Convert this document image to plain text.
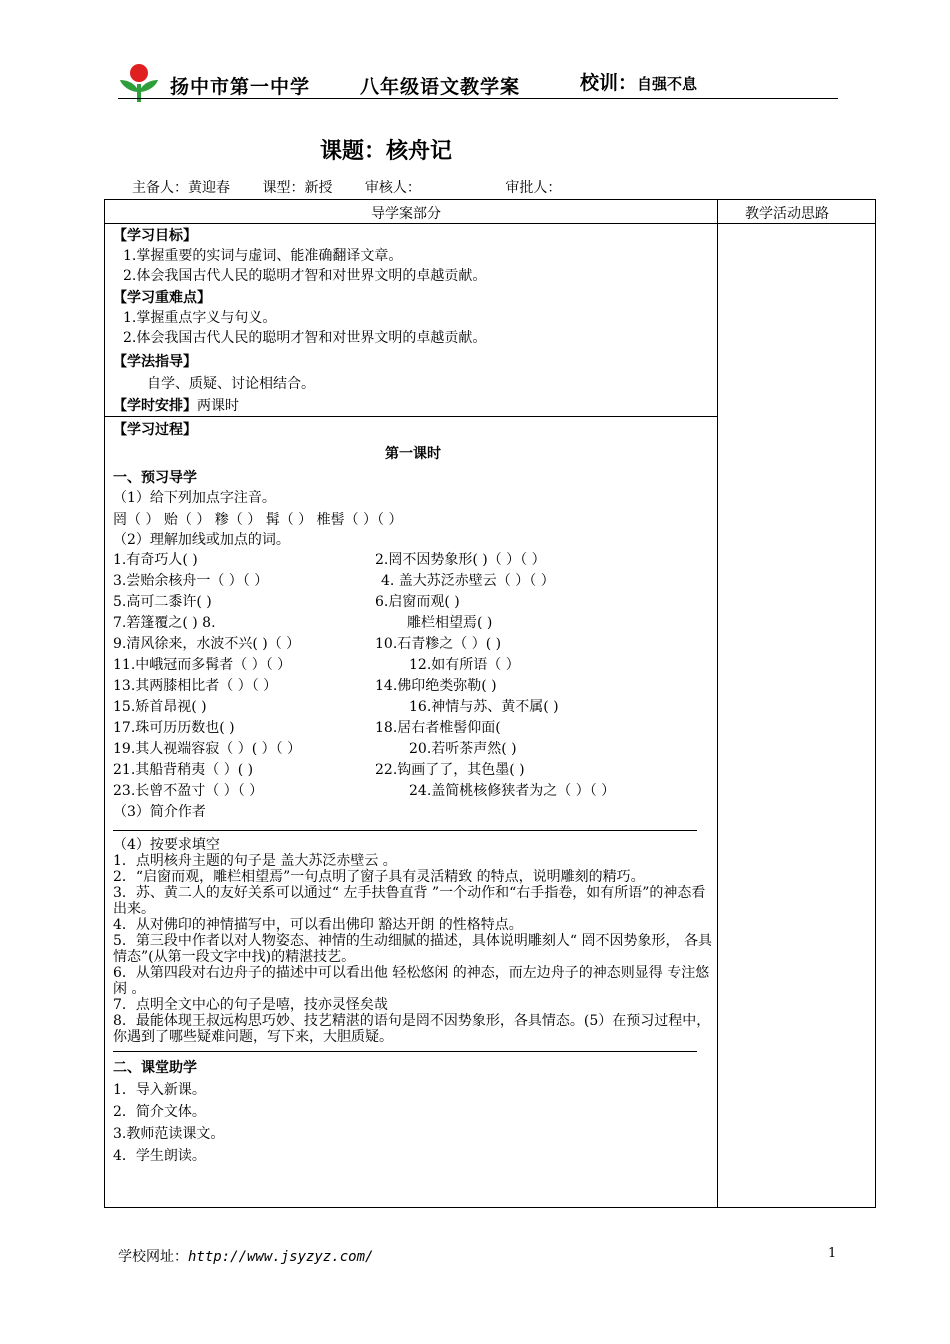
扬中市第一中学	八年级语文教学案	校训：自强不息
课题：核舟记
主备人：黄迎春 课型：新授 审核人：	审批人：
导学案部分	教学活动思路
【学习目标】
1.掌握重要的实词与虚词、能准确翻译文章。
2.体会我国古代人民的聪明才智和对世界文明的卓越贡献。
【学习重难点】
1.掌握重点字义与句义。
2.体会我国古代人民的聪明才智和对世界文明的卓越贡献。
【学法指导】
自学、质疑、讨论相结合。
【学时安排】两课时
【学习过程】
第一课时
一、预习导学
（1）给下列加点字注音。
罔（ ） 贻（ ） 糁（ ） 髯（ ） 椎髻（ ）（ ）
（2）理解加线或加点的词。
1.有奇巧人( )	2.罔不因势象形( )（ ）（ ）
3.尝贻余核舟一（ ）（ ）	4. 盖大苏泛赤壁云（ ）（ ）
5.高可二黍许( )	6.启窗而观( )
7.箬篷覆之( ) 8.	雕栏相望焉( )
9.清风徐来，水波不兴( )（ ）	10.石青糁之（ ）( )
11.中峨冠而多髯者（ ）（ ）	12.如有所语（ ）
13.其两膝相比者（ ）（ ）	14.佛印绝类弥勒( )
15.矫首昂视( )	16.神情与苏、黄不属( )
17.珠可历历数也( )	18.居右者椎髻仰面(
19.其人视端容寂（ ）( ）（ ）	20.若听茶声然( )
21.其船背稍夷（ ）( )	22.钩画了了，其色墨( )
23.长曾不盈寸（ ）（ ）	24.盖简桃核修狭者为之（ ）（ ）
（3）简介作者
（4）按要求填空
1．点明核舟主题的句子是 盖大苏泛赤壁云 。
2．“启窗而观，雕栏相望焉”一句点明了窗子具有灵活精致 的特点，说明雕刻的精巧。
3．苏、黄二人的友好关系可以通过“ 左手扶鲁直背 ”一个动作和“右手指卷，如有所语”的神态看出来。
4．从对佛印的神情描写中，可以看出佛印 豁达开朗 的性格特点。
5．第三段中作者以对人物姿态、神情的生动细腻的描述，具体说明雕刻人“ 罔不因势象形， 各具情态”(从第一段文字中找)的精湛技艺。
6．从第四段对右边舟子的描述中可以看出他 轻松悠闲 的神态，而左边舟子的神态则显得 专注悠闲 。
7．点明全文中心的句子是嘻，技亦灵怪矣哉
8．最能体现王叔远构思巧妙、技艺精湛的语句是罔不因势象形，各具情态。(5）在预习过程中，你遇到了哪些疑难问题，写下来，大胆质疑。
二、课堂助学
1．导入新课。
2．简介文体。
3.教师范读课文。
4．学生朗读。
学校网址：http://www.jsyzyz.com/	1
